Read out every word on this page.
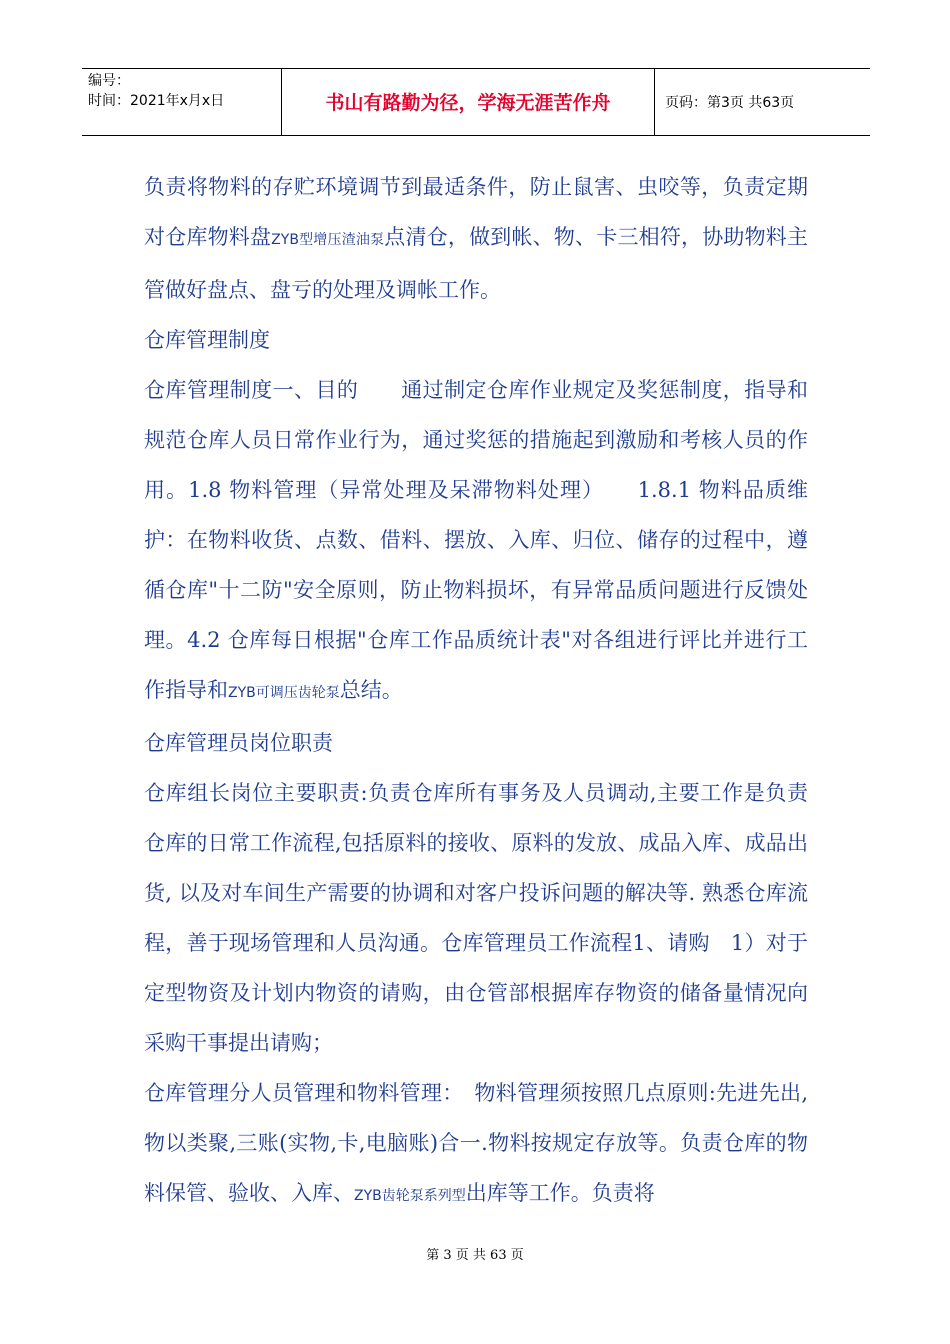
编号：
时间：2021年x月x日	书山有路勤为径，学海无涯苦作舟	页码：第3页 共63页

负责将物料的存贮环境调节到最适条件，防止鼠害、虫咬等，负责定期对仓库物料盘ZYB型增压渣油泵点清仓，做到帐、物、卡三相符，协助物料主管做好盘点、盘亏的处理及调帐工作。

仓库管理制度

仓库管理制度一、目的　　通过制定仓库作业规定及奖惩制度，指导和规范仓库人员日常作业行为，通过奖惩的措施起到激励和考核人员的作用。1.8 物料管理（异常处理及呆滞物料处理）　　1.8.1 物料品质维护：在物料收货、点数、借料、摆放、入库、归位、储存的过程中，遵循仓库"十二防"安全原则，防止物料损坏，有异常品质问题进行反馈处理。4.2 仓库每日根据"仓库工作品质统计表"对各组进行评比并进行工作指导和ZYB可调压齿轮泵总结。

仓库管理员岗位职责

仓库组长岗位主要职责:负责仓库所有事务及人员调动,主要工作是负责仓库的日常工作流程,包括原料的接收、原料的发放、成品入库、成品出货, 以及对车间生产需要的协调和对客户投诉问题的解决等. 熟悉仓库流程，善于现场管理和人员沟通。仓库管理员工作流程1、请购　1）对于定型物资及计划内物资的请购，由仓管部根据库存物资的储备量情况向采购干事提出请购；

仓库管理分人员管理和物料管理：　物料管理须按照几点原则:先进先出,物以类聚,三账(实物,卡,电脑账)合一.物料按规定存放等。负责仓库的物料保管、验收、入库、ZYB齿轮泵系列型出库等工作。负责将

第 3 页 共 63 页
